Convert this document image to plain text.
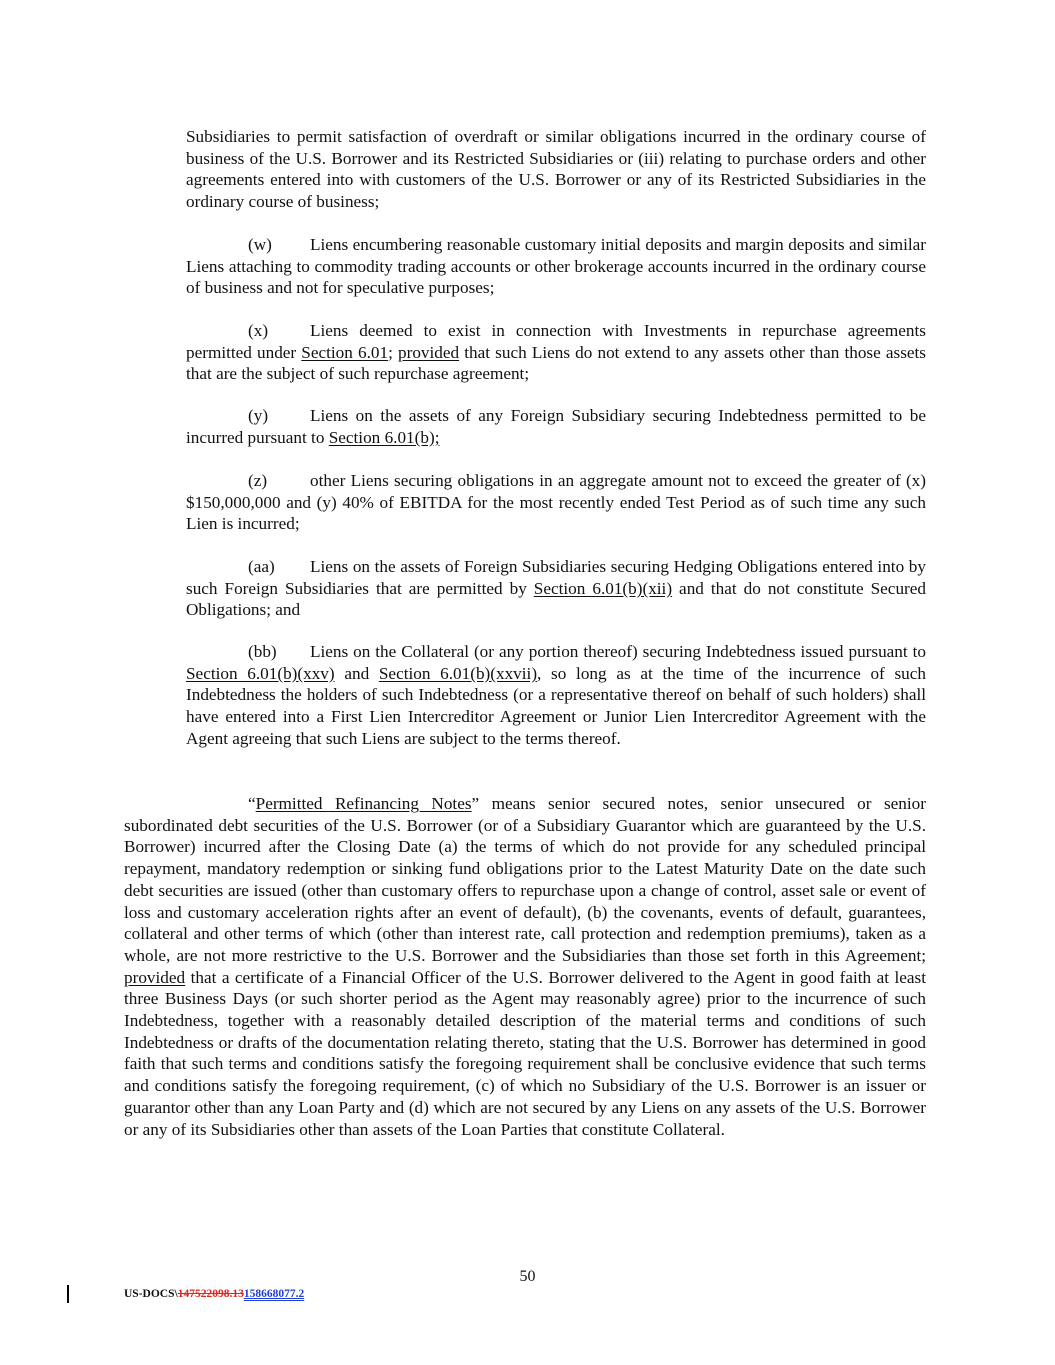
Subsidiaries to permit satisfaction of overdraft or similar obligations incurred in the ordinary course of business of the U.S. Borrower and its Restricted Subsidiaries or (iii) relating to purchase orders and other agreements entered into with customers of the U.S. Borrower or any of its Restricted Subsidiaries in the ordinary course of business;

(w) Liens encumbering reasonable customary initial deposits and margin deposits and similar Liens attaching to commodity trading accounts or other brokerage accounts incurred in the ordinary course of business and not for speculative purposes;

(x) Liens deemed to exist in connection with Investments in repurchase agreements permitted under Section 6.01; provided that such Liens do not extend to any assets other than those assets that are the subject of such repurchase agreement;

(y) Liens on the assets of any Foreign Subsidiary securing Indebtedness permitted to be incurred pursuant to Section 6.01(b);

(z) other Liens securing obligations in an aggregate amount not to exceed the greater of (x) $150,000,000 and (y) 40% of EBITDA for the most recently ended Test Period as of such time any such Lien is incurred;

(aa) Liens on the assets of Foreign Subsidiaries securing Hedging Obligations entered into by such Foreign Subsidiaries that are permitted by Section 6.01(b)(xii) and that do not constitute Secured Obligations; and

(bb) Liens on the Collateral (or any portion thereof) securing Indebtedness issued pursuant to Section 6.01(b)(xxv) and Section 6.01(b)(xxvii), so long as at the time of the incurrence of such Indebtedness the holders of such Indebtedness (or a representative thereof on behalf of such holders) shall have entered into a First Lien Intercreditor Agreement or Junior Lien Intercreditor Agreement with the Agent agreeing that such Liens are subject to the terms thereof.

“Permitted Refinancing Notes” means senior secured notes, senior unsecured or senior subordinated debt securities of the U.S. Borrower (or of a Subsidiary Guarantor which are guaranteed by the U.S. Borrower) incurred after the Closing Date (a) the terms of which do not provide for any scheduled principal repayment, mandatory redemption or sinking fund obligations prior to the Latest Maturity Date on the date such debt securities are issued (other than customary offers to repurchase upon a change of control, asset sale or event of loss and customary acceleration rights after an event of default), (b) the covenants, events of default, guarantees, collateral and other terms of which (other than interest rate, call protection and redemption premiums), taken as a whole, are not more restrictive to the U.S. Borrower and the Subsidiaries than those set forth in this Agreement; provided that a certificate of a Financial Officer of the U.S. Borrower delivered to the Agent in good faith at least three Business Days (or such shorter period as the Agent may reasonably agree) prior to the incurrence of such Indebtedness, together with a reasonably detailed description of the material terms and conditions of such Indebtedness or drafts of the documentation relating thereto, stating that the U.S. Borrower has determined in good faith that such terms and conditions satisfy the foregoing requirement shall be conclusive evidence that such terms and conditions satisfy the foregoing requirement, (c) of which no Subsidiary of the U.S. Borrower is an issuer or guarantor other than any Loan Party and (d) which are not secured by any Liens on any assets of the U.S. Borrower or any of its Subsidiaries other than assets of the Loan Parties that constitute Collateral.

50
US-DOCS\147522098.13158668077.2
